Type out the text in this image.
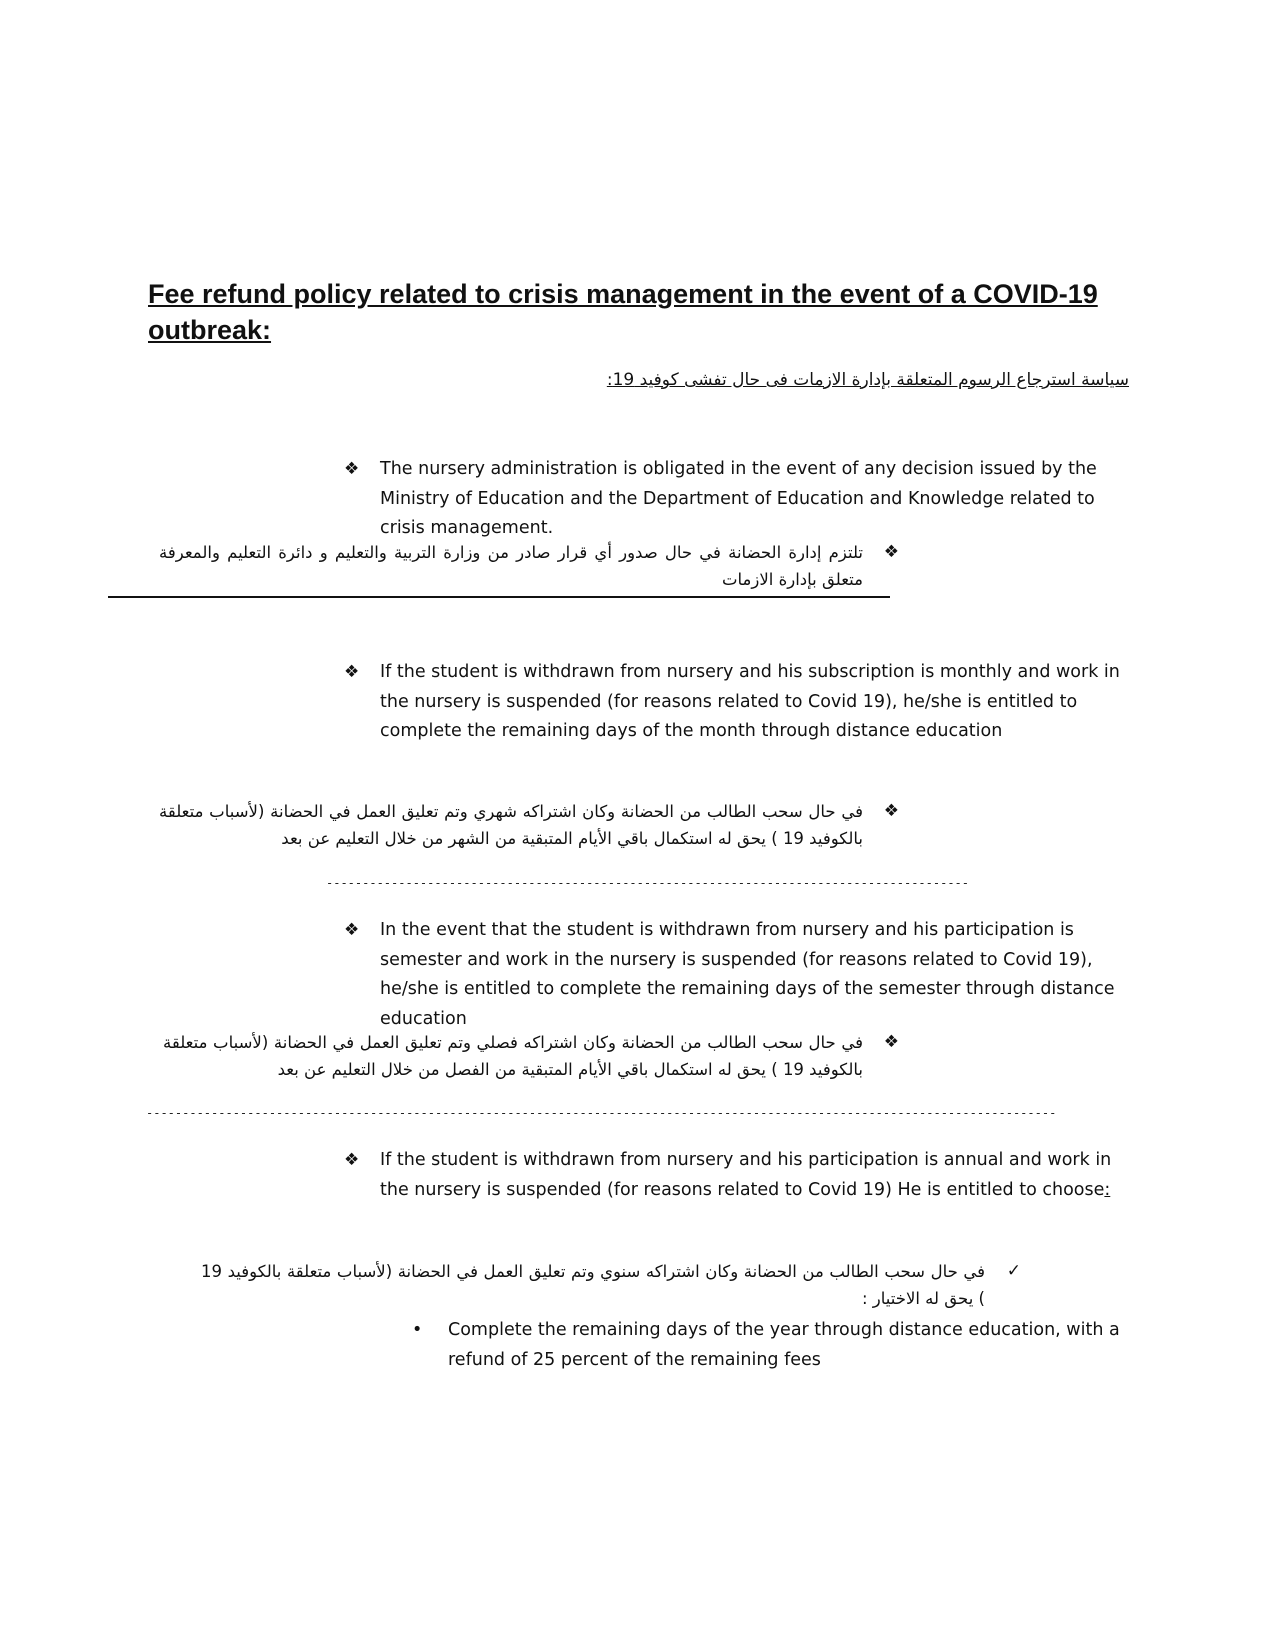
Fee refund policy related to crisis management in the event of a COVID-19 outbreak:
سياسة استرجاع الرسوم المتعلقة بإدارة الازمات فى حال تفشى كوفيد 19:
❖ The nursery administration is obligated in the event of any decision issued by the Ministry of Education and the Department of Education and Knowledge related to crisis management.
❖
تلتزم إدارة الحضانة في حال صدور أي قرار صادر من وزارة التربية والتعليم و دائرة التعليم والمعرفة متعلق بإدارة الازمات
❖ If the student is withdrawn from nursery and his subscription is monthly and work in the nursery is suspended (for reasons related to Covid 19), he/she is entitled to complete the remaining days of the month through distance education
❖
في حال سحب الطالب من الحضانة وكان اشتراكه شهري وتم تعليق العمل في الحضانة (لأسباب متعلقة بالكوفيد 19 ) يحق له استكمال باقي الأيام المتبقية من الشهر من خلال التعليم عن بعد
-----------------------------------------------------------------------------------------
❖ In the event that the student is withdrawn from nursery and his participation is semester and work in the nursery is suspended (for reasons related to Covid 19), he/she is entitled to complete the remaining days of the semester through distance education
❖
في حال سحب الطالب من الحضانة وكان اشتراكه فصلي وتم تعليق العمل في الحضانة (لأسباب متعلقة بالكوفيد 19 ) يحق له استكمال باقي الأيام المتبقية من الفصل من خلال التعليم عن بعد
------------------------------------------------------------------------------------------------------------------------------
❖ If the student is withdrawn from nursery and his participation is annual and work in the nursery is suspended (for reasons related to Covid 19) He is entitled to choose:
✓
في حال سحب الطالب من الحضانة وكان اشتراكه سنوي وتم تعليق العمل في الحضانة (لأسباب متعلقة بالكوفيد 19 ) يحق له الاختيار :
• Complete the remaining days of the year through distance education, with a refund of 25 percent of the remaining fees
